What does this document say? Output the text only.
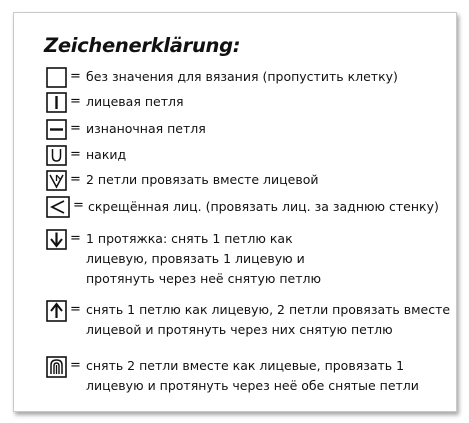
Zeichenerklärung:
= без значения для вязания (пропустить клетку)
= лицевая петля
= изнаночная петля
= накид
= 2 петли провязать вместе лицевой
= скрещённая лиц. (провязать лиц. за заднюю стенку)
= 1 протяжка: снять 1 петлю как
лицевую, провязать 1 лицевую и
протянуть через неё снятую петлю
= снять 1 петлю как лицевую, 2 петли провязать вместе
лицевой и протянуть через них снятую петлю
= снять 2 петли вместе как лицевые, провязать 1
лицевую и протянуть через неё обе снятые петли
